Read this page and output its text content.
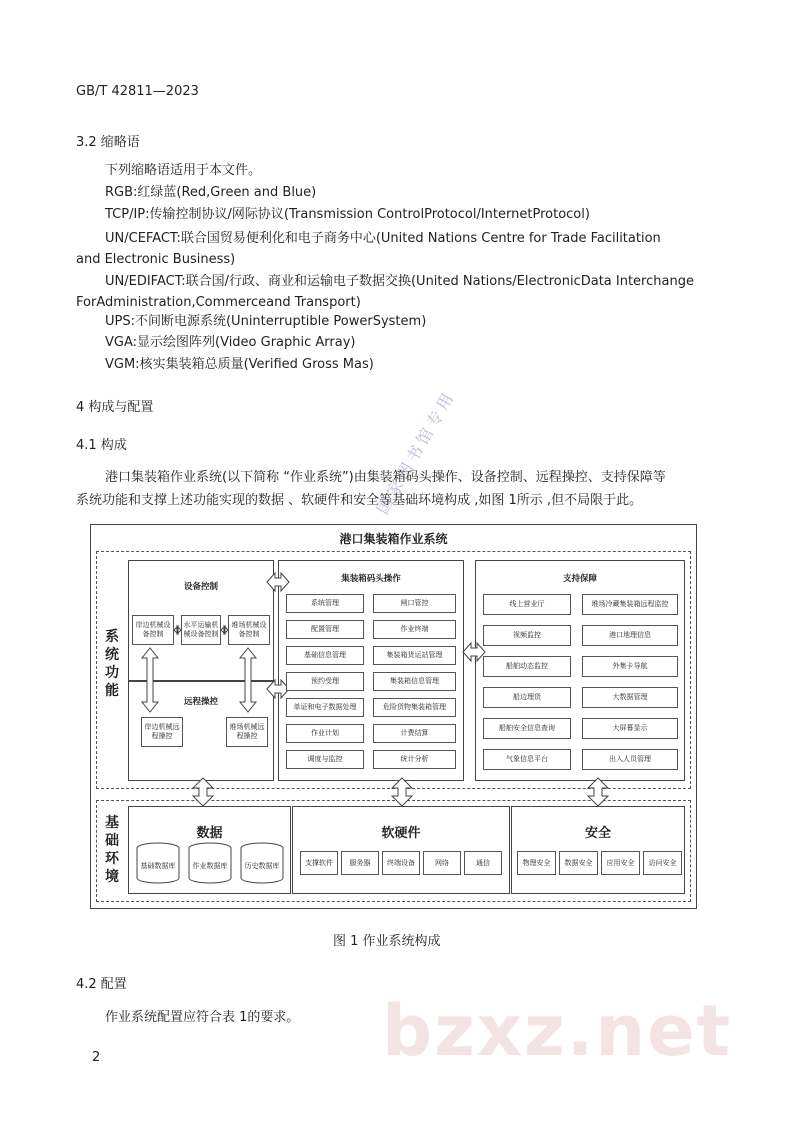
bzxz.net
国家图书馆专用
GB/T 42811—2023
3.2 缩略语
下列缩略语适用于本文件。
RGB:红绿蓝(Red,Green and Blue)
TCP/IP:传输控制协议/网际协议(Transmission ControlProtocol/InternetProtocol)
UN/CEFACT:联合国贸易便利化和电子商务中心(United Nations Centre for Trade Facilitation
and Electronic Business)
UN/EDIFACT:联合国/行政、商业和运输电子数据交换(United Nations/ElectronicData Interchange
ForAdministration,Commerceand Transport)
UPS:不间断电源系统(Uninterruptible PowerSystem)
VGA:显示绘图阵列(Video Graphic Array)
VGM:核实集装箱总质量(Verified Gross Mas)
4 构成与配置
4.1 构成
港口集装箱作业系统(以下简称 “作业系统”)由集装箱码头操作、设备控制、远程操控、支持保障等
系统功能和支撑上述功能实现的数据 、软硬件和安全等基础环境构成 ,如图 1所示 ,但不局限于此。
港口集装箱作业系统
系
统
功
能
设备控制
岸边机械设备控制
水平运输机械设备控制
堆场机械设备控制
远程操控
岸边机械远程操控
堆场机械远程操控
集装箱码头操作	支持保障
基
础
环
境
数据	软硬件	安全
基础数据库	作业数据库	历史数据库
系统管理
配置管理
基础信息管理
预约受理
单证和电子数据处理
作业计划
调度与监控
闸口管控
作业终端
集装箱货运站管理
集装箱信息管理
危险货物集装箱管理
计费结算
统计分析
线上营业厅
视频监控
船舶动态监控
船边理货
船舶安全信息查询
气象信息平台
堆场冷藏集装箱远程监控
港口地理信息
外集卡导航
大数据管理
大屏幕显示
出入人员管理
支撑软件	服务器	终端设备	网络	通信	物理安全	数据安全	应用安全	访问安全
图 1 作业系统构成
4.2 配置
作业系统配置应符合表 1的要求。
2
